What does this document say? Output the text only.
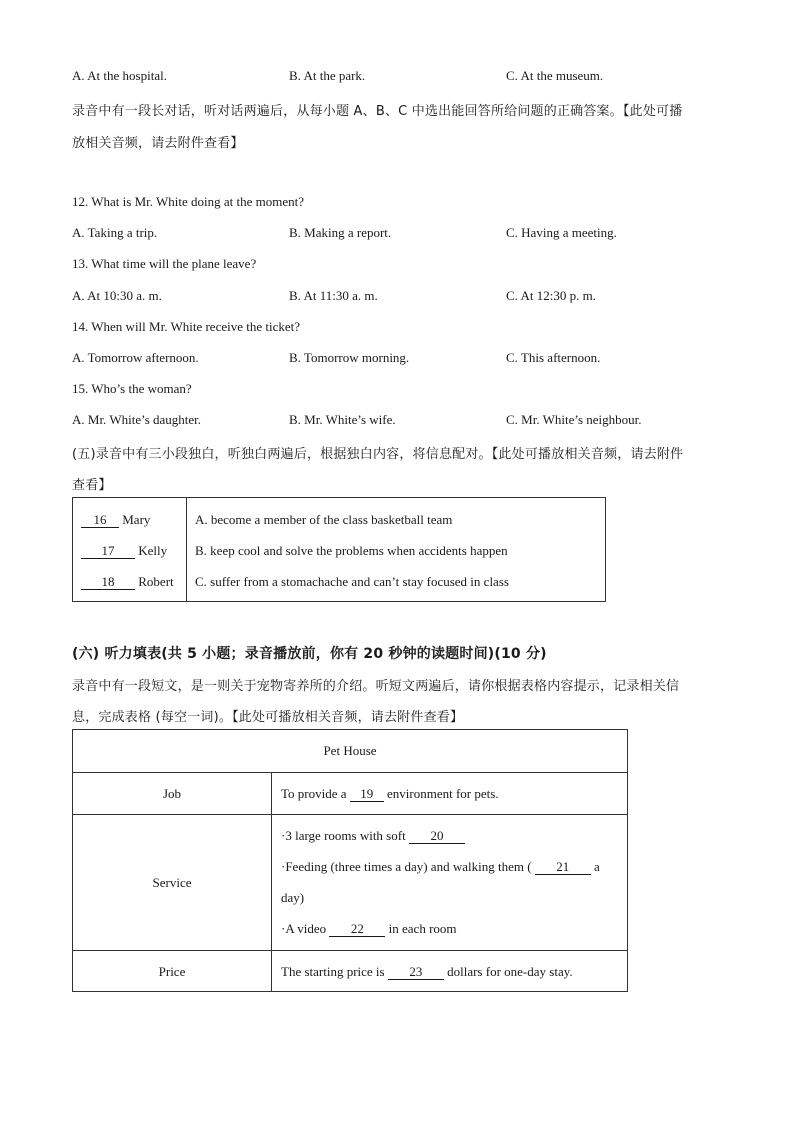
A. At the hospital.	B. At the park.	C. At the museum.
录音中有一段长对话，听对话两遍后，从每小题 A、B、C 中选出能回答所给问题的正确答案。【此处可播
放相关音频，请去附件查看】
12. What is Mr. White doing at the moment?
A. Taking a trip.	B. Making a report.	C. Having a meeting.
13. What time will the plane leave?
A. At 10:30 a. m.	B. At 11:30 a. m.	C. At 12:30 p. m.
14. When will Mr. White receive the ticket?
A. Tomorrow afternoon.	B. Tomorrow morning.	C. This afternoon.
15. Who’s the woman?
A. Mr. White’s daughter.	B. Mr. White’s wife.	C. Mr. White’s neighbour.
(五)录音中有三小段独白，听独白两遍后，根据独白内容，将信息配对。【此处可播放相关音频，请去附件
查看】
16 Mary	A. become a member of the class basketball team
17 Kelly B. keep cool and solve the problems when accidents happen
18 Robert C. suffer from a stomachache and can’t stay focused in class
(六) 听力填表(共 5 小题；录音播放前，你有 20 秒钟的读题时间)(10 分)
录音中有一段短文，是一则关于宠物寄养所的介绍。听短文两遍后，请你根据表格内容提示，记录相关信
息，完成表格 (每空一词)。【此处可播放相关音频，请去附件查看】
Pet House
Job	To provide a 19 environment for pets.
Service
·3 large rooms with soft 20
·Feeding (three times a day) and walking them ( 21 a
day)
·A video 22 in each room
Price	The starting price is 23 dollars for one-day stay.
